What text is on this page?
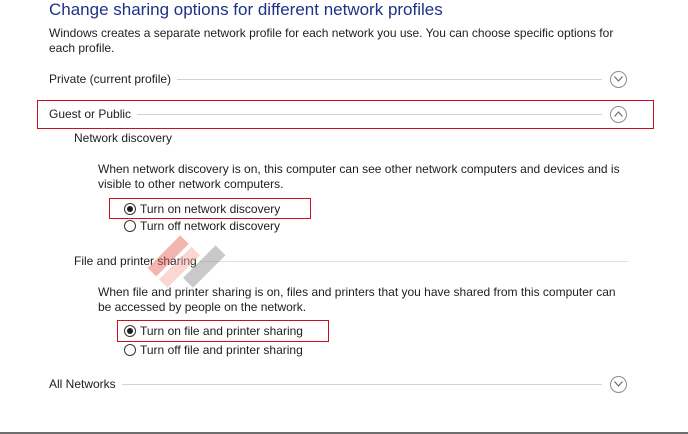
Change sharing options for different network profiles
Windows creates a separate network profile for each network you use. You can choose specific options for each profile.
Private (current profile)
Guest or Public
Network discovery
When network discovery is on, this computer can see other network computers and devices and is visible to other network computers.
Turn on network discovery
Turn off network discovery
File and printer sharing
When file and printer sharing is on, files and printers that you have shared from this computer can be accessed by people on the network.
Turn on file and printer sharing
Turn off file and printer sharing
All Networks
